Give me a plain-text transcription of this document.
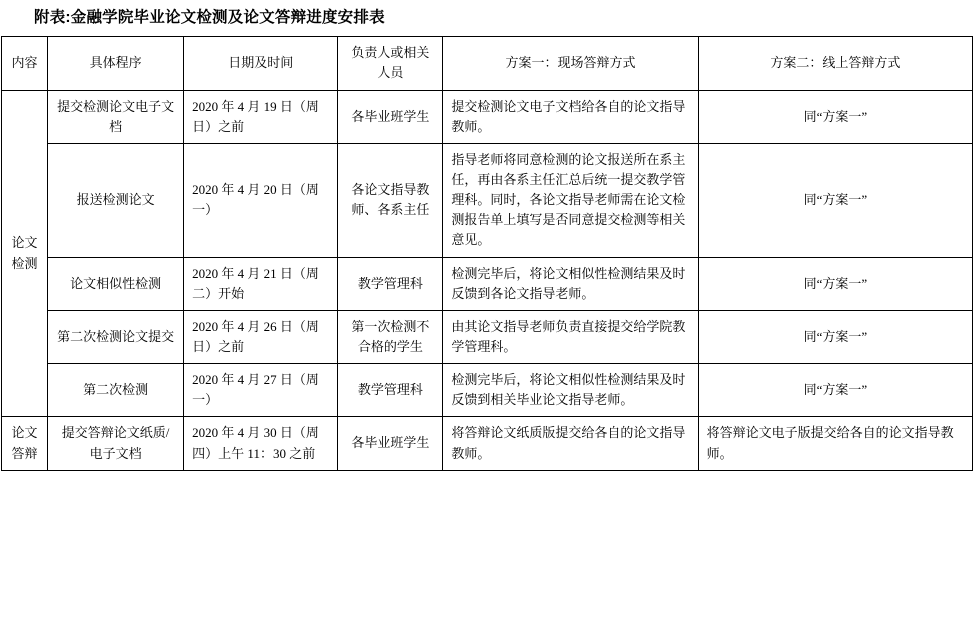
附表:金融学院毕业论文检测及论文答辩进度安排表
内容	具体程序	日期及时间	负责人或相关人员	方案一：现场答辩方式	方案二：线上答辩方式
论文检测	提交检测论文电子文档	2020 年 4 月 19 日（周日）之前	各毕业班学生	提交检测论文电子文档给各自的论文指导教师。	同“方案一”
	报送检测论文	2020 年 4 月 20 日（周一）	各论文指导教师、各系主任	指导老师将同意检测的论文报送所在系主任，再由各系主任汇总后统一提交教学管理科。同时，各论文指导老师需在论文检测报告单上填写是否同意提交检测等相关意见。	同“方案一”
	论文相似性检测	2020 年 4 月 21 日（周二）开始	教学管理科	检测完毕后，将论文相似性检测结果及时反馈到各论文指导老师。	同“方案一”
	第二次检测论文提交	2020 年 4 月 26 日（周日）之前	第一次检测不合格的学生	由其论文指导老师负责直接提交给学院教学管理科。	同“方案一”
	第二次检测	2020 年 4 月 27 日（周一）	教学管理科	检测完毕后，将论文相似性检测结果及时反馈到相关毕业论文指导老师。	同“方案一”
论文答辩	提交答辩论文纸质/电子文档	2020 年 4 月 30 日（周四）上午 11：30 之前	各毕业班学生	将答辩论文纸质版提交给各自的论文指导教师。	将答辩论文电子版提交给各自的论文指导教师。
